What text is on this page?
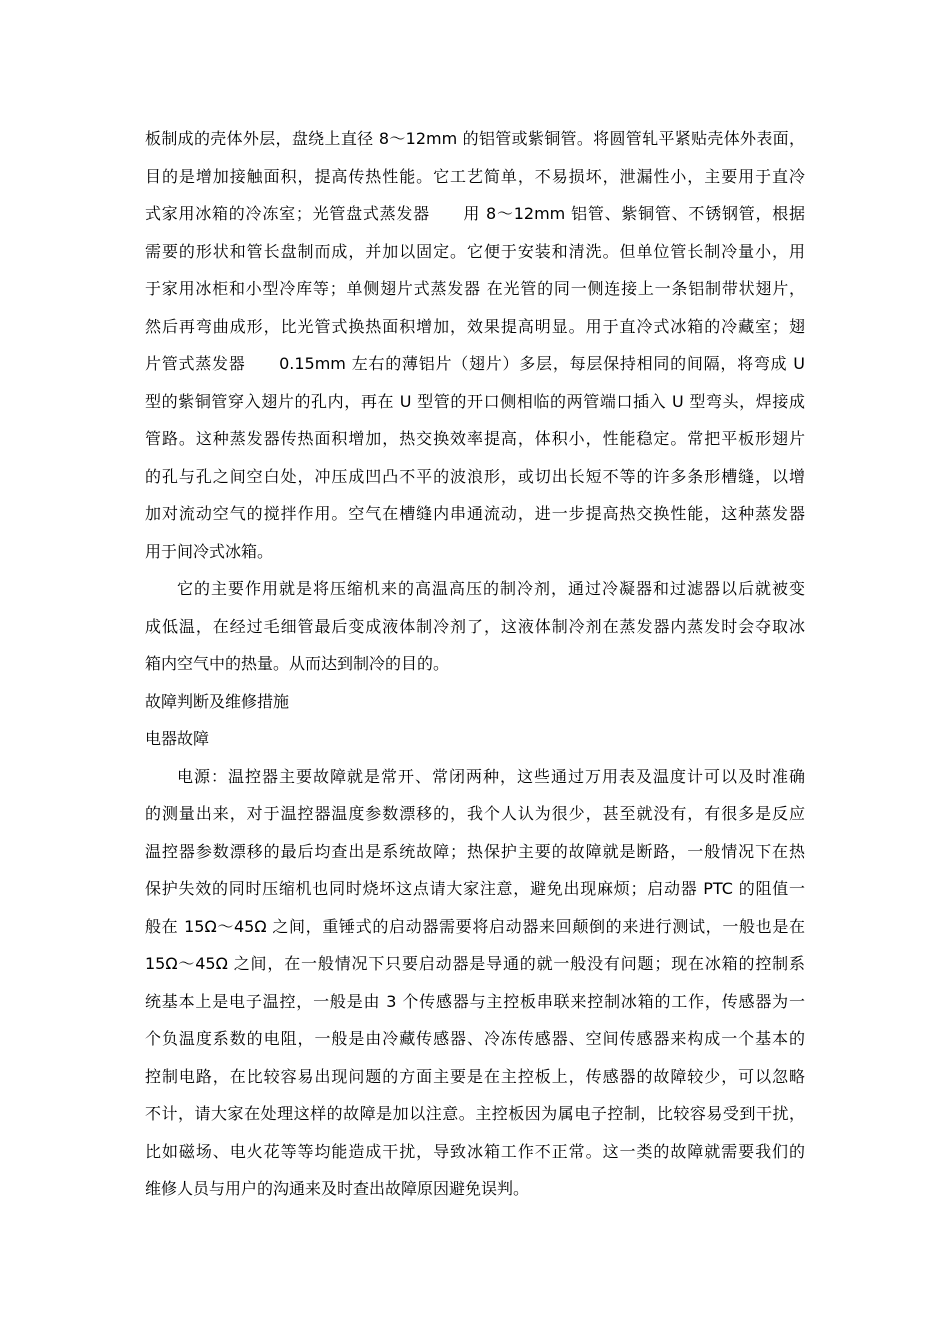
板制成的壳体外层，盘绕上直径 8～12mm 的铝管或紫铜管。将圆管轧平紧贴壳体外表面，
目的是增加接触面积，提高传热性能。它工艺简单，不易损坏，泄漏性小，主要用于直冷
式家用冰箱的冷冻室；光管盘式蒸发器　　用 8～12mm 铝管、紫铜管、不锈钢管，根据
需要的形状和管长盘制而成，并加以固定。它便于安装和清洗。但单位管长制冷量小，用
于家用冰柜和小型冷库等；单侧翅片式蒸发器 在光管的同一侧连接上一条铝制带状翅片，
然后再弯曲成形，比光管式换热面积增加，效果提高明显。用于直冷式冰箱的冷藏室；翅
片管式蒸发器　　0.15mm 左右的薄铝片（翅片）多层，每层保持相同的间隔，将弯成 U
型的紫铜管穿入翅片的孔内，再在 U 型管的开口侧相临的两管端口插入 U 型弯头，焊接成
管路。这种蒸发器传热面积增加，热交换效率提高，体积小，性能稳定。常把平板形翅片
的孔与孔之间空白处，冲压成凹凸不平的波浪形，或切出长短不等的许多条形槽缝，以增
加对流动空气的搅拌作用。空气在槽缝内串通流动，进一步提高热交换性能，这种蒸发器
用于间冷式冰箱。
它的主要作用就是将压缩机来的高温高压的制冷剂，通过冷凝器和过滤器以后就被变
成低温，在经过毛细管最后变成液体制冷剂了，这液体制冷剂在蒸发器内蒸发时会夺取冰
箱内空气中的热量。从而达到制冷的目的。
故障判断及维修措施
电器故障
电源：温控器主要故障就是常开、常闭两种，这些通过万用表及温度计可以及时准确
的测量出来，对于温控器温度参数漂移的，我个人认为很少，甚至就没有，有很多是反应
温控器参数漂移的最后均查出是系统故障；热保护主要的故障就是断路，一般情况下在热
保护失效的同时压缩机也同时烧坏这点请大家注意，避免出现麻烦；启动器 PTC 的阻值一
般在 15Ω～45Ω 之间，重锤式的启动器需要将启动器来回颠倒的来进行测试，一般也是在
15Ω～45Ω 之间，在一般情况下只要启动器是导通的就一般没有问题；现在冰箱的控制系
统基本上是电子温控，一般是由 3 个传感器与主控板串联来控制冰箱的工作，传感器为一
个负温度系数的电阻，一般是由冷藏传感器、冷冻传感器、空间传感器来构成一个基本的
控制电路，在比较容易出现问题的方面主要是在主控板上，传感器的故障较少，可以忽略
不计，请大家在处理这样的故障是加以注意。主控板因为属电子控制，比较容易受到干扰，
比如磁场、电火花等等均能造成干扰，导致冰箱工作不正常。这一类的故障就需要我们的
维修人员与用户的沟通来及时查出故障原因避免误判。
